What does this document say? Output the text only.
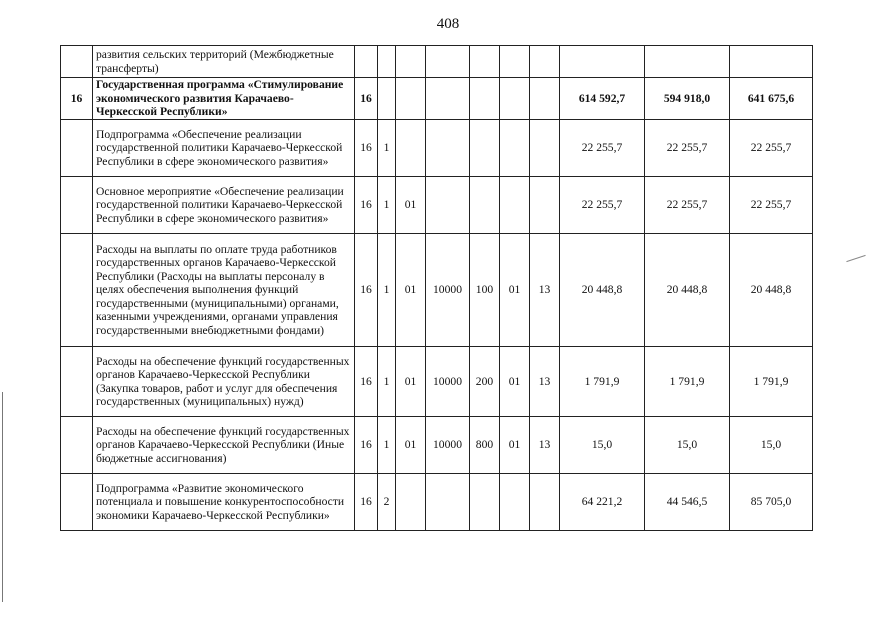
408
	развития сельских территорий (Межбюджетные трансферты)										
16	Государственная программа «Стимулирование экономического развития Карачаево-Черкесской Республики»	16							614 592,7	594 918,0	641 675,6
	Подпрограмма «Обеспечение реализации государственной политики Карачаево-Черкесской Республики в сфере экономического развития»	16	1						22 255,7	22 255,7	22 255,7
	Основное мероприятие «Обеспечение реализации государственной политики Карачаево-Черкесской Республики в сфере экономического развития»	16	1	01					22 255,7	22 255,7	22 255,7
	Расходы на выплаты по оплате труда работников государственных органов Карачаево-Черкесской Республики (Расходы на выплаты персоналу в целях обеспечения выполнения функций государственными (муниципальными) органами, казенными учреждениями, органами управления государственными внебюджетными фондами)	16	1	01	10000	100	01	13	20 448,8	20 448,8	20 448,8
	Расходы на обеспечение функций государственных органов Карачаево-Черкесской Республики (Закупка товаров, работ и услуг для обеспечения государственных (муниципальных) нужд)	16	1	01	10000	200	01	13	1 791,9	1 791,9	1 791,9
	Расходы на обеспечение функций государственных органов Карачаево-Черкесской Республики (Иные бюджетные ассигнования)	16	1	01	10000	800	01	13	15,0	15,0	15,0
	Подпрограмма «Развитие экономического потенциала и повышение конкурентоспособности экономики Карачаево-Черкесской Республики»	16	2						64 221,2	44 546,5	85 705,0
